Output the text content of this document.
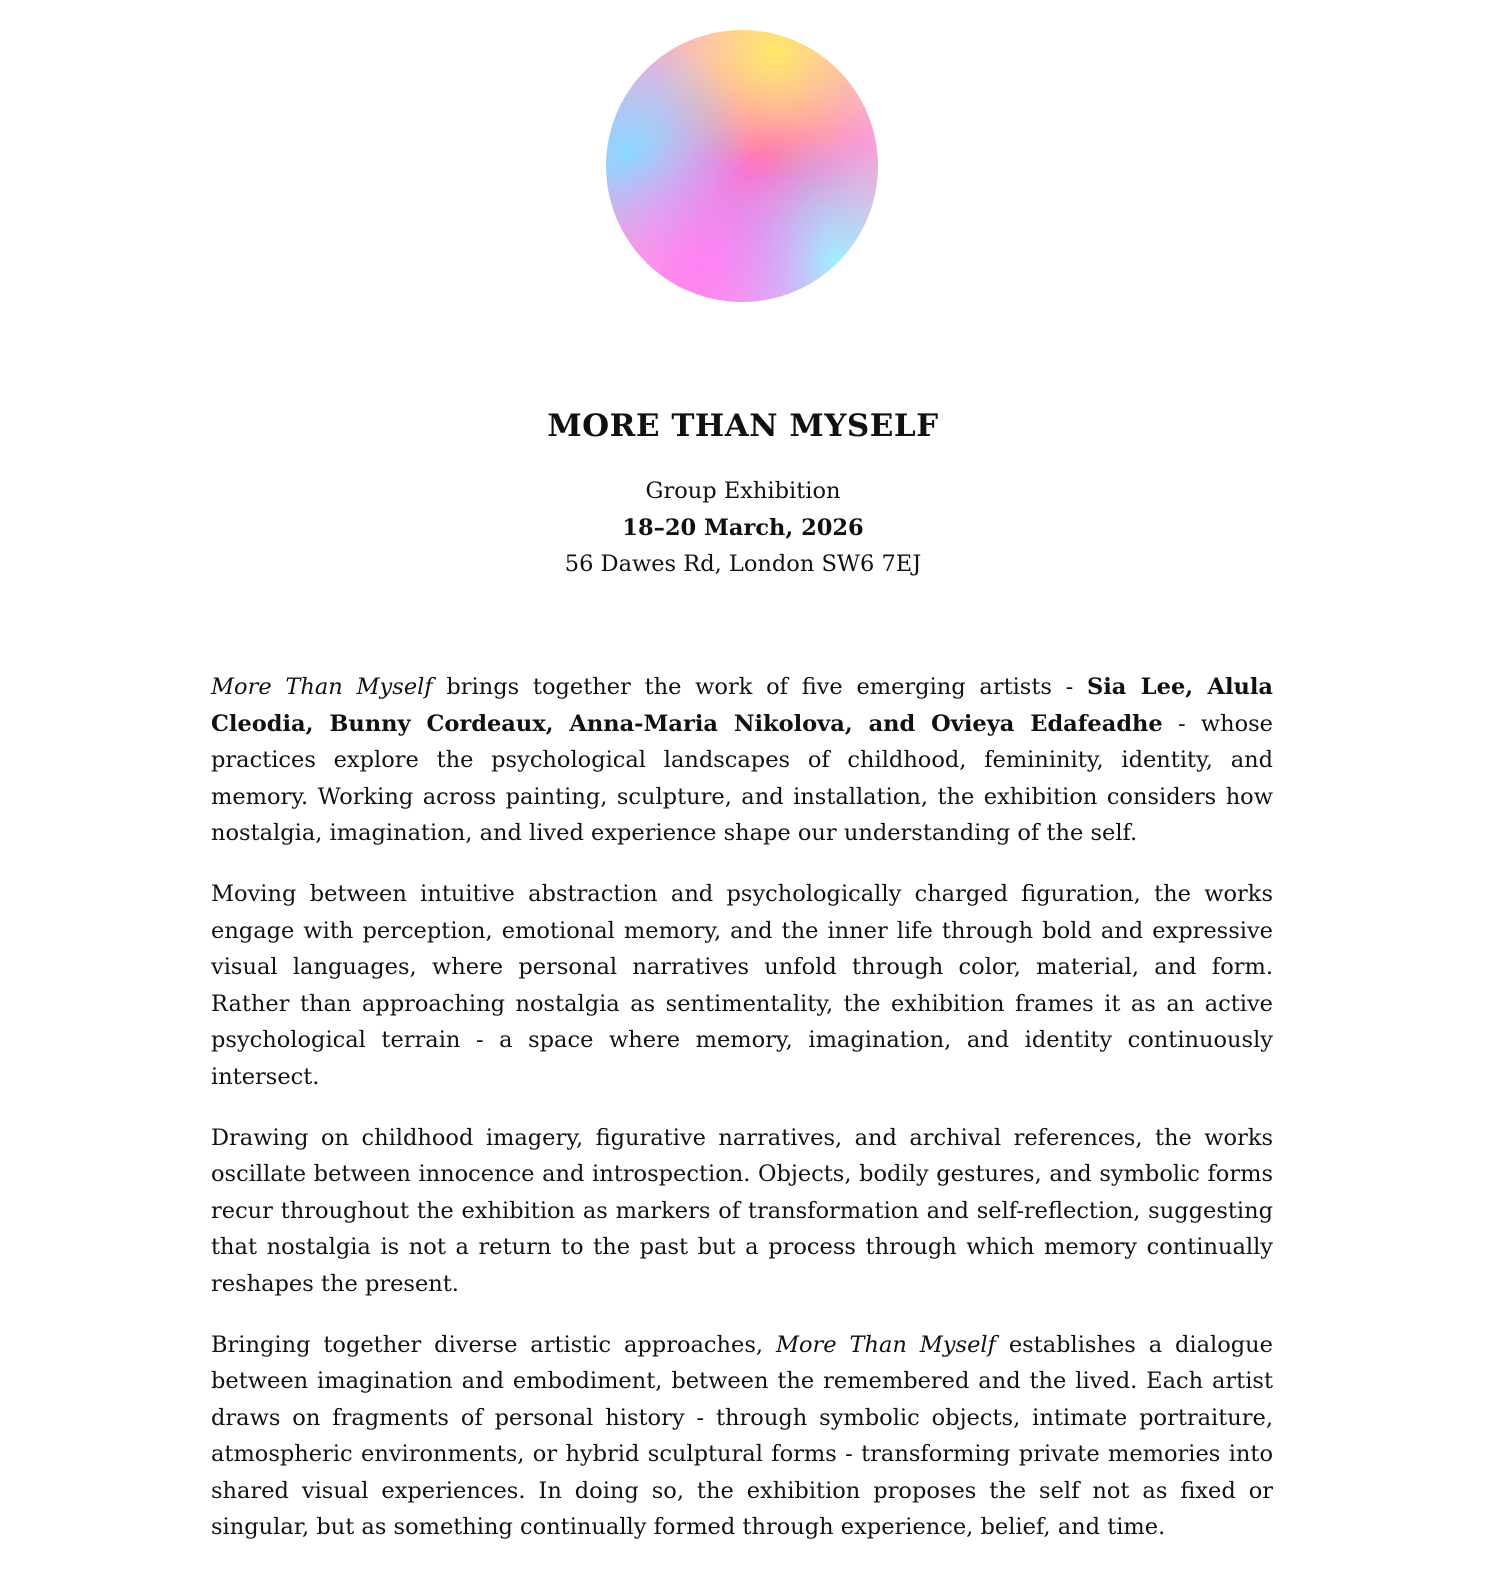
MORE THAN MYSELF
Group Exhibition
18–20 March, 2026
56 Dawes Rd, London SW6 7EJ

More Than Myself brings together the work of five emerging artists - Sia Lee, Alula Cleodia, Bunny Cordeaux, Anna-Maria Nikolova, and Ovieya Edafeadhe - whose practices explore the psychological landscapes of childhood, femininity, identity, and memory. Working across painting, sculpture, and installation, the exhibition considers how nostalgia, imagination, and lived experience shape our understanding of the self.

Moving between intuitive abstraction and psychologically charged figuration, the works engage with perception, emotional memory, and the inner life through bold and expressive visual languages, where personal narratives unfold through color, material, and form. Rather than approaching nostalgia as sentimentality, the exhibition frames it as an active psychological terrain - a space where memory, imagination, and identity continuously intersect.

Drawing on childhood imagery, figurative narratives, and archival references, the works oscillate between innocence and introspection. Objects, bodily gestures, and symbolic forms recur throughout the exhibition as markers of transformation and self-reflection, suggesting that nostalgia is not a return to the past but a process through which memory continually reshapes the present.

Bringing together diverse artistic approaches, More Than Myself establishes a dialogue between imagination and embodiment, between the remembered and the lived. Each artist draws on fragments of personal history - through symbolic objects, intimate portraiture, atmospheric environments, or hybrid sculptural forms - transforming private memories into shared visual experiences. In doing so, the exhibition proposes the self not as fixed or singular, but as something continually formed through experience, belief, and time.
